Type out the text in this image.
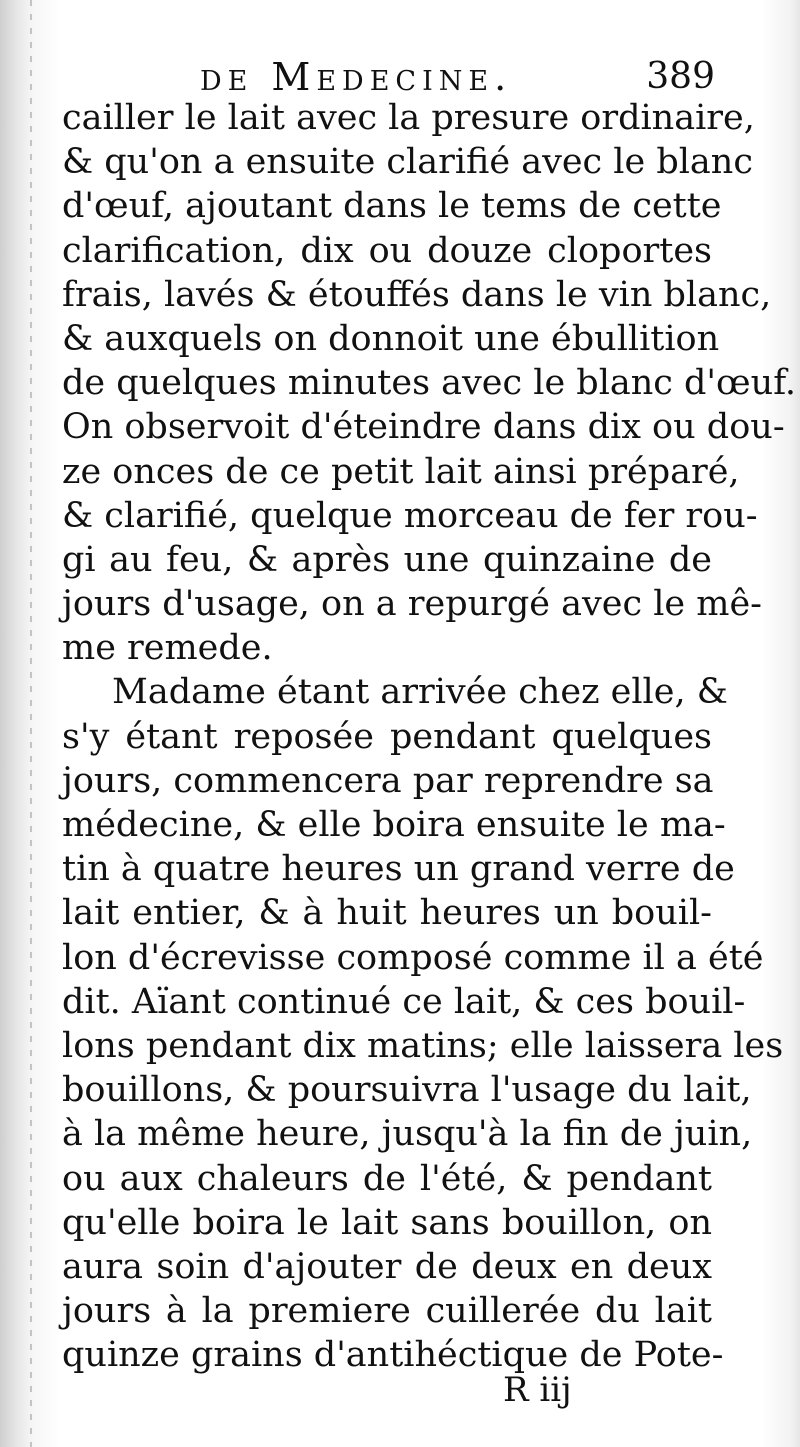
de Medecine.	389
cailler le lait avec la presure ordinaire,
& qu'on a ensuite clarifié avec le blanc
d'œuf, ajoutant dans le tems de cette
clarification, dix ou douze cloportes
frais, lavés & étouffés dans le vin blanc,
& auxquels on donnoit une ébullition
de quelques minutes avec le blanc d'œuf.
On observoit d'éteindre dans dix ou dou-
ze onces de ce petit lait ainsi préparé,
& clarifié, quelque morceau de fer rou-
gi au feu, & après une quinzaine de
jours d'usage, on a repurgé avec le mê-
me remede.
Madame étant arrivée chez elle, &
s'y étant reposée pendant quelques
jours, commencera par reprendre sa
médecine, & elle boira ensuite le ma-
tin à quatre heures un grand verre de
lait entier, & à huit heures un bouil-
lon d'écrevisse composé comme il a été
dit. Aïant continué ce lait, & ces bouil-
lons pendant dix matins; elle laissera les
bouillons, & poursuivra l'usage du lait,
à la même heure, jusqu'à la fin de juin,
ou aux chaleurs de l'été, & pendant
qu'elle boira le lait sans bouillon, on
aura soin d'ajouter de deux en deux
jours à la premiere cuillerée du lait
quinze grains d'antihéctique de Pote-
R iij
